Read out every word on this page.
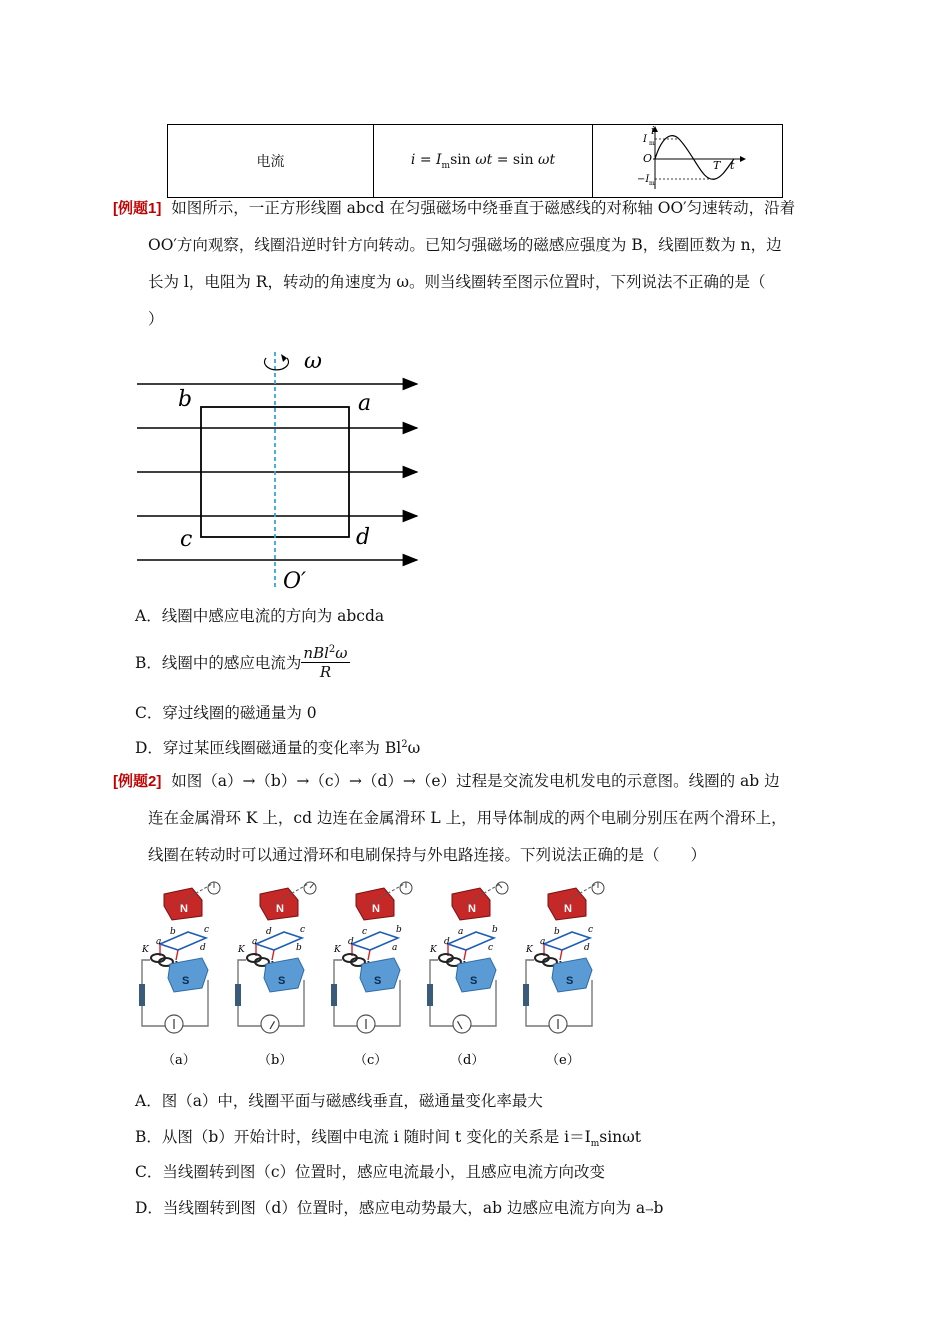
电流	$i = I_m\sin$ ωt = sin ωt	
i
I m
O
−I m
T t
[例题1] 如图所示，一正方形线圈 abcd 在匀强磁场中绕垂直于磁感线的对称轴 OO′匀速转动，沿着
OO′方向观察，线圈沿逆时针方向转动。已知匀强磁场的磁感应强度为 B，线圈匝数为 n，边
长为 l，电阻为 R，转动的角速度为 ω。则当线圈转至图示位置时，下列说法不正确的是（
）
ω
b	a
c	d
O′
A．线圈中感应电流的方向为 abcda
B．线圈中的感应电流为 $\frac{nBl^2\omega}{R}$
C．穿过线圈的磁通量为 0
D．穿过某匝线圈磁通量的变化率为 Bl$^2$ω
[例题2] 如图（a）→（b）→（c）→（d）→（e）过程是交流发电机发电的示意图。线圈的 ab 边
连在金属滑环 K 上，cd 边连在金属滑环 L 上，用导体制成的两个电刷分别压在两个滑环上，
线圈在转动时可以通过滑环和电刷保持与外电路连接。下列说法正确的是（　　）
N
b	c
a
d
K
S
（a）
N
d	c
a
b
K
S
（b）
N
c	b
d
a
K
S
（c）
N
a	b
d
c
K
S
（d）
N
b	c
a
d
K
S
（e）
A．图（a）中，线圈平面与磁感线垂直，磁通量变化率最大
B．从图（b）开始计时，线圈中电流 i 随时间 t 变化的关系是 $i=I_m\sin\omega t$
C．当线圈转到图（c）位置时，感应电流最小，且感应电流方向改变
D．当线圈转到图（d）位置时，感应电动势最大，ab 边感应电流方向为 a→b
